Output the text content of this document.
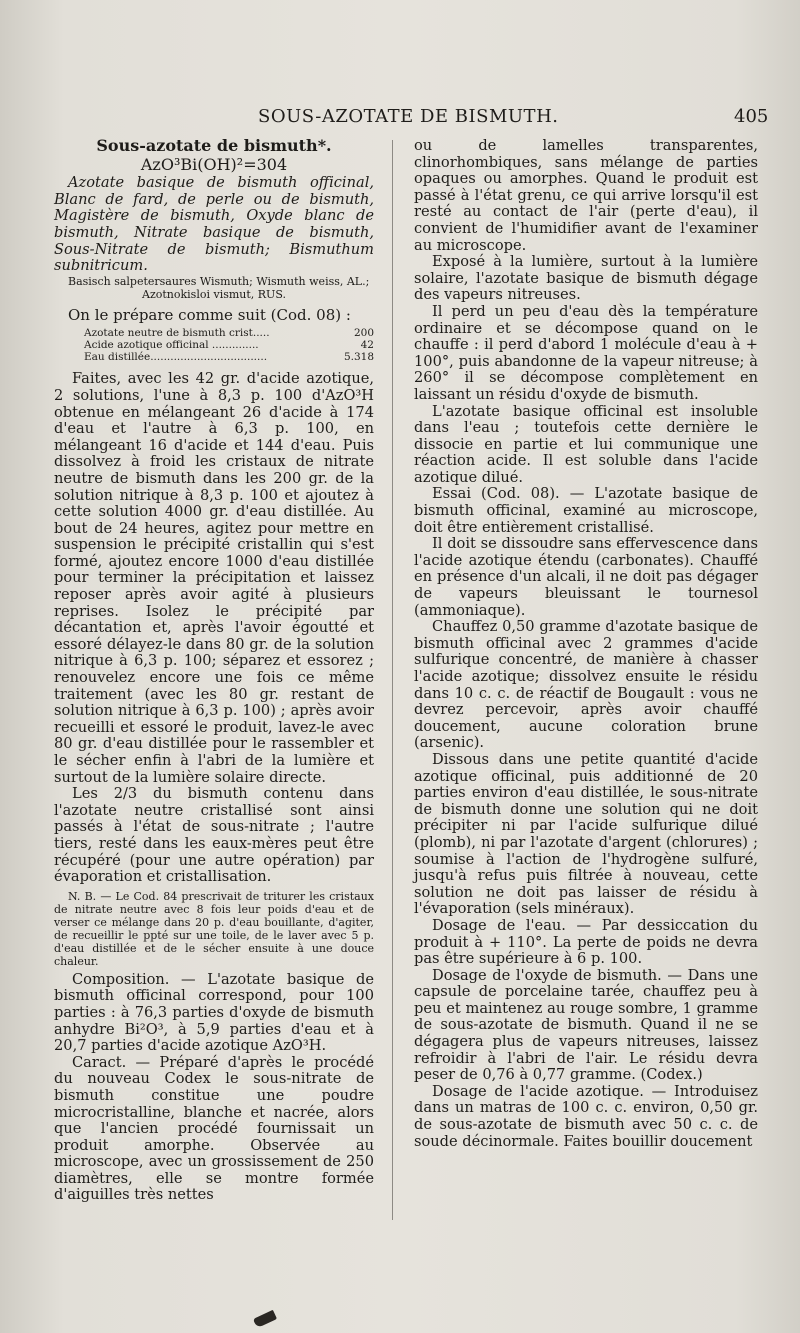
SOUS-AZOTATE DE BISMUTH.	405

Sous-azotate de bismuth*.

AzO³Bi(OH)²=304

Azotate basique de bismuth officinal, Blanc de fard, de perle ou de bismuth, Magistère de bismuth, Oxyde blanc de bismuth, Nitrate basique de bismuth, Sous-Nitrate de bismuth; Bismuthum subnitricum.

Basisch salpetersaures Wismuth; Wismuth weiss, AL.;

Azotnokisloi vismut, RUS.

On le prépare comme suit (Cod. 08) :

Azotate neutre de bismuth crist.....	200
Acide azotique officinal ..............	42
Eau distillée...................................	5.318

Faites, avec les 42 gr. d'acide azotique, 2 solutions, l'une à 8,3 p. 100 d'AzO³H obtenue en mélangeant 26 d'acide à 174 d'eau et l'autre à 6,3 p. 100, en mélangeant 16 d'acide et 144 d'eau. Puis dissolvez à froid les cristaux de nitrate neutre de bismuth dans les 200 gr. de la solution nitrique à 8,3 p. 100 et ajoutez à cette solution 4000 gr. d'eau distillée. Au bout de 24 heures, agitez pour mettre en suspension le précipité cristallin qui s'est formé, ajoutez encore 1000 d'eau distillée pour terminer la précipitation et laissez reposer après avoir agité à plusieurs reprises. Isolez le précipité par décantation et, après l'avoir égoutté et essoré délayez-le dans 80 gr. de la solution nitrique à 6,3 p. 100; séparez et essorez ; renouvelez encore une fois ce même traitement (avec les 80 gr. restant de solution nitrique à 6,3 p. 100) ; après avoir recueilli et essoré le produit, lavez-le avec 80 gr. d'eau distillée pour le rassembler et le sécher enfin à l'abri de la lumière et surtout de la lumière solaire directe.

Les 2/3 du bismuth contenu dans l'azotate neutre cristallisé sont ainsi passés à l'état de sous-nitrate ; l'autre tiers, resté dans les eaux-mères peut être récupéré (pour une autre opération) par évaporation et cristallisation.

N. B. — Le Cod. 84 prescrivait de triturer les cristaux de nitrate neutre avec 8 fois leur poids d'eau et de verser ce mélange dans 20 p. d'eau bouillante, d'agiter, de recueillir le ppté sur une toile, de le laver avec 5 p. d'eau distillée et de le sécher ensuite à une douce chaleur.

Composition. — L'azotate basique de bismuth officinal correspond, pour 100 parties : à 76,3 parties d'oxyde de bismuth anhydre Bi²O³, à 5,9 parties d'eau et à 20,7 parties d'acide azotique AzO³H.

Caract. — Préparé d'après le procédé du nouveau Codex le sous-nitrate de bismuth constitue une poudre microcristalline, blanche et nacrée, alors que l'ancien procédé fournissait un produit amorphe. Observée au microscope, avec un grossissement de 250 diamètres, elle se montre formée d'aiguilles très nettes

ou de lamelles transparentes, clinorhombiques, sans mélange de parties opaques ou amorphes. Quand le produit est passé à l'état grenu, ce qui arrive lorsqu'il est resté au contact de l'air (perte d'eau), il convient de l'humidifier avant de l'examiner au microscope.

Exposé à la lumière, surtout à la lumière solaire, l'azotate basique de bismuth dégage des vapeurs nitreuses.

Il perd un peu d'eau dès la température ordinaire et se décompose quand on le chauffe : il perd d'abord 1 molécule d'eau à + 100°, puis abandonne de la vapeur nitreuse; à 260° il se décompose complètement en laissant un résidu d'oxyde de bismuth.

L'azotate basique officinal est insoluble dans l'eau ; toutefois cette dernière le dissocie en partie et lui communique une réaction acide. Il est soluble dans l'acide azotique dilué.

Essai (Cod. 08). — L'azotate basique de bismuth officinal, examiné au microscope, doit être entièrement cristallisé.

Il doit se dissoudre sans effervescence dans l'acide azotique étendu (carbonates). Chauffé en présence d'un alcali, il ne doit pas dégager de vapeurs bleuissant le tournesol (ammoniaque).

Chauffez 0,50 gramme d'azotate basique de bismuth officinal avec 2 grammes d'acide sulfurique concentré, de manière à chasser l'acide azotique; dissolvez ensuite le résidu dans 10 c. c. de réactif de Bougault : vous ne devrez percevoir, après avoir chauffé doucement, aucune coloration brune (arsenic).

Dissous dans une petite quantité d'acide azotique officinal, puis additionné de 20 parties environ d'eau distillée, le sous-nitrate de bismuth donne une solution qui ne doit précipiter ni par l'acide sulfurique dilué (plomb), ni par l'azotate d'argent (chlorures) ; soumise à l'action de l'hydrogène sulfuré, jusqu'à refus puis filtrée à nouveau, cette solution ne doit pas laisser de résidu à l'évaporation (sels minéraux).

Dosage de l'eau. — Par dessiccation du produit à + 110°. La perte de poids ne devra pas être supérieure à 6 p. 100.

Dosage de l'oxyde de bismuth. — Dans une capsule de porcelaine tarée, chauffez peu à peu et maintenez au rouge sombre, 1 gramme de sous-azotate de bismuth. Quand il ne se dégagera plus de vapeurs nitreuses, laissez refroidir à l'abri de l'air. Le résidu devra peser de 0,76 à 0,77 gramme. (Codex.)

Dosage de l'acide azotique. — Introduisez dans un matras de 100 c. c. environ, 0,50 gr. de sous-azotate de bismuth avec 50 c. c. de soude décinormale. Faites bouillir doucement
